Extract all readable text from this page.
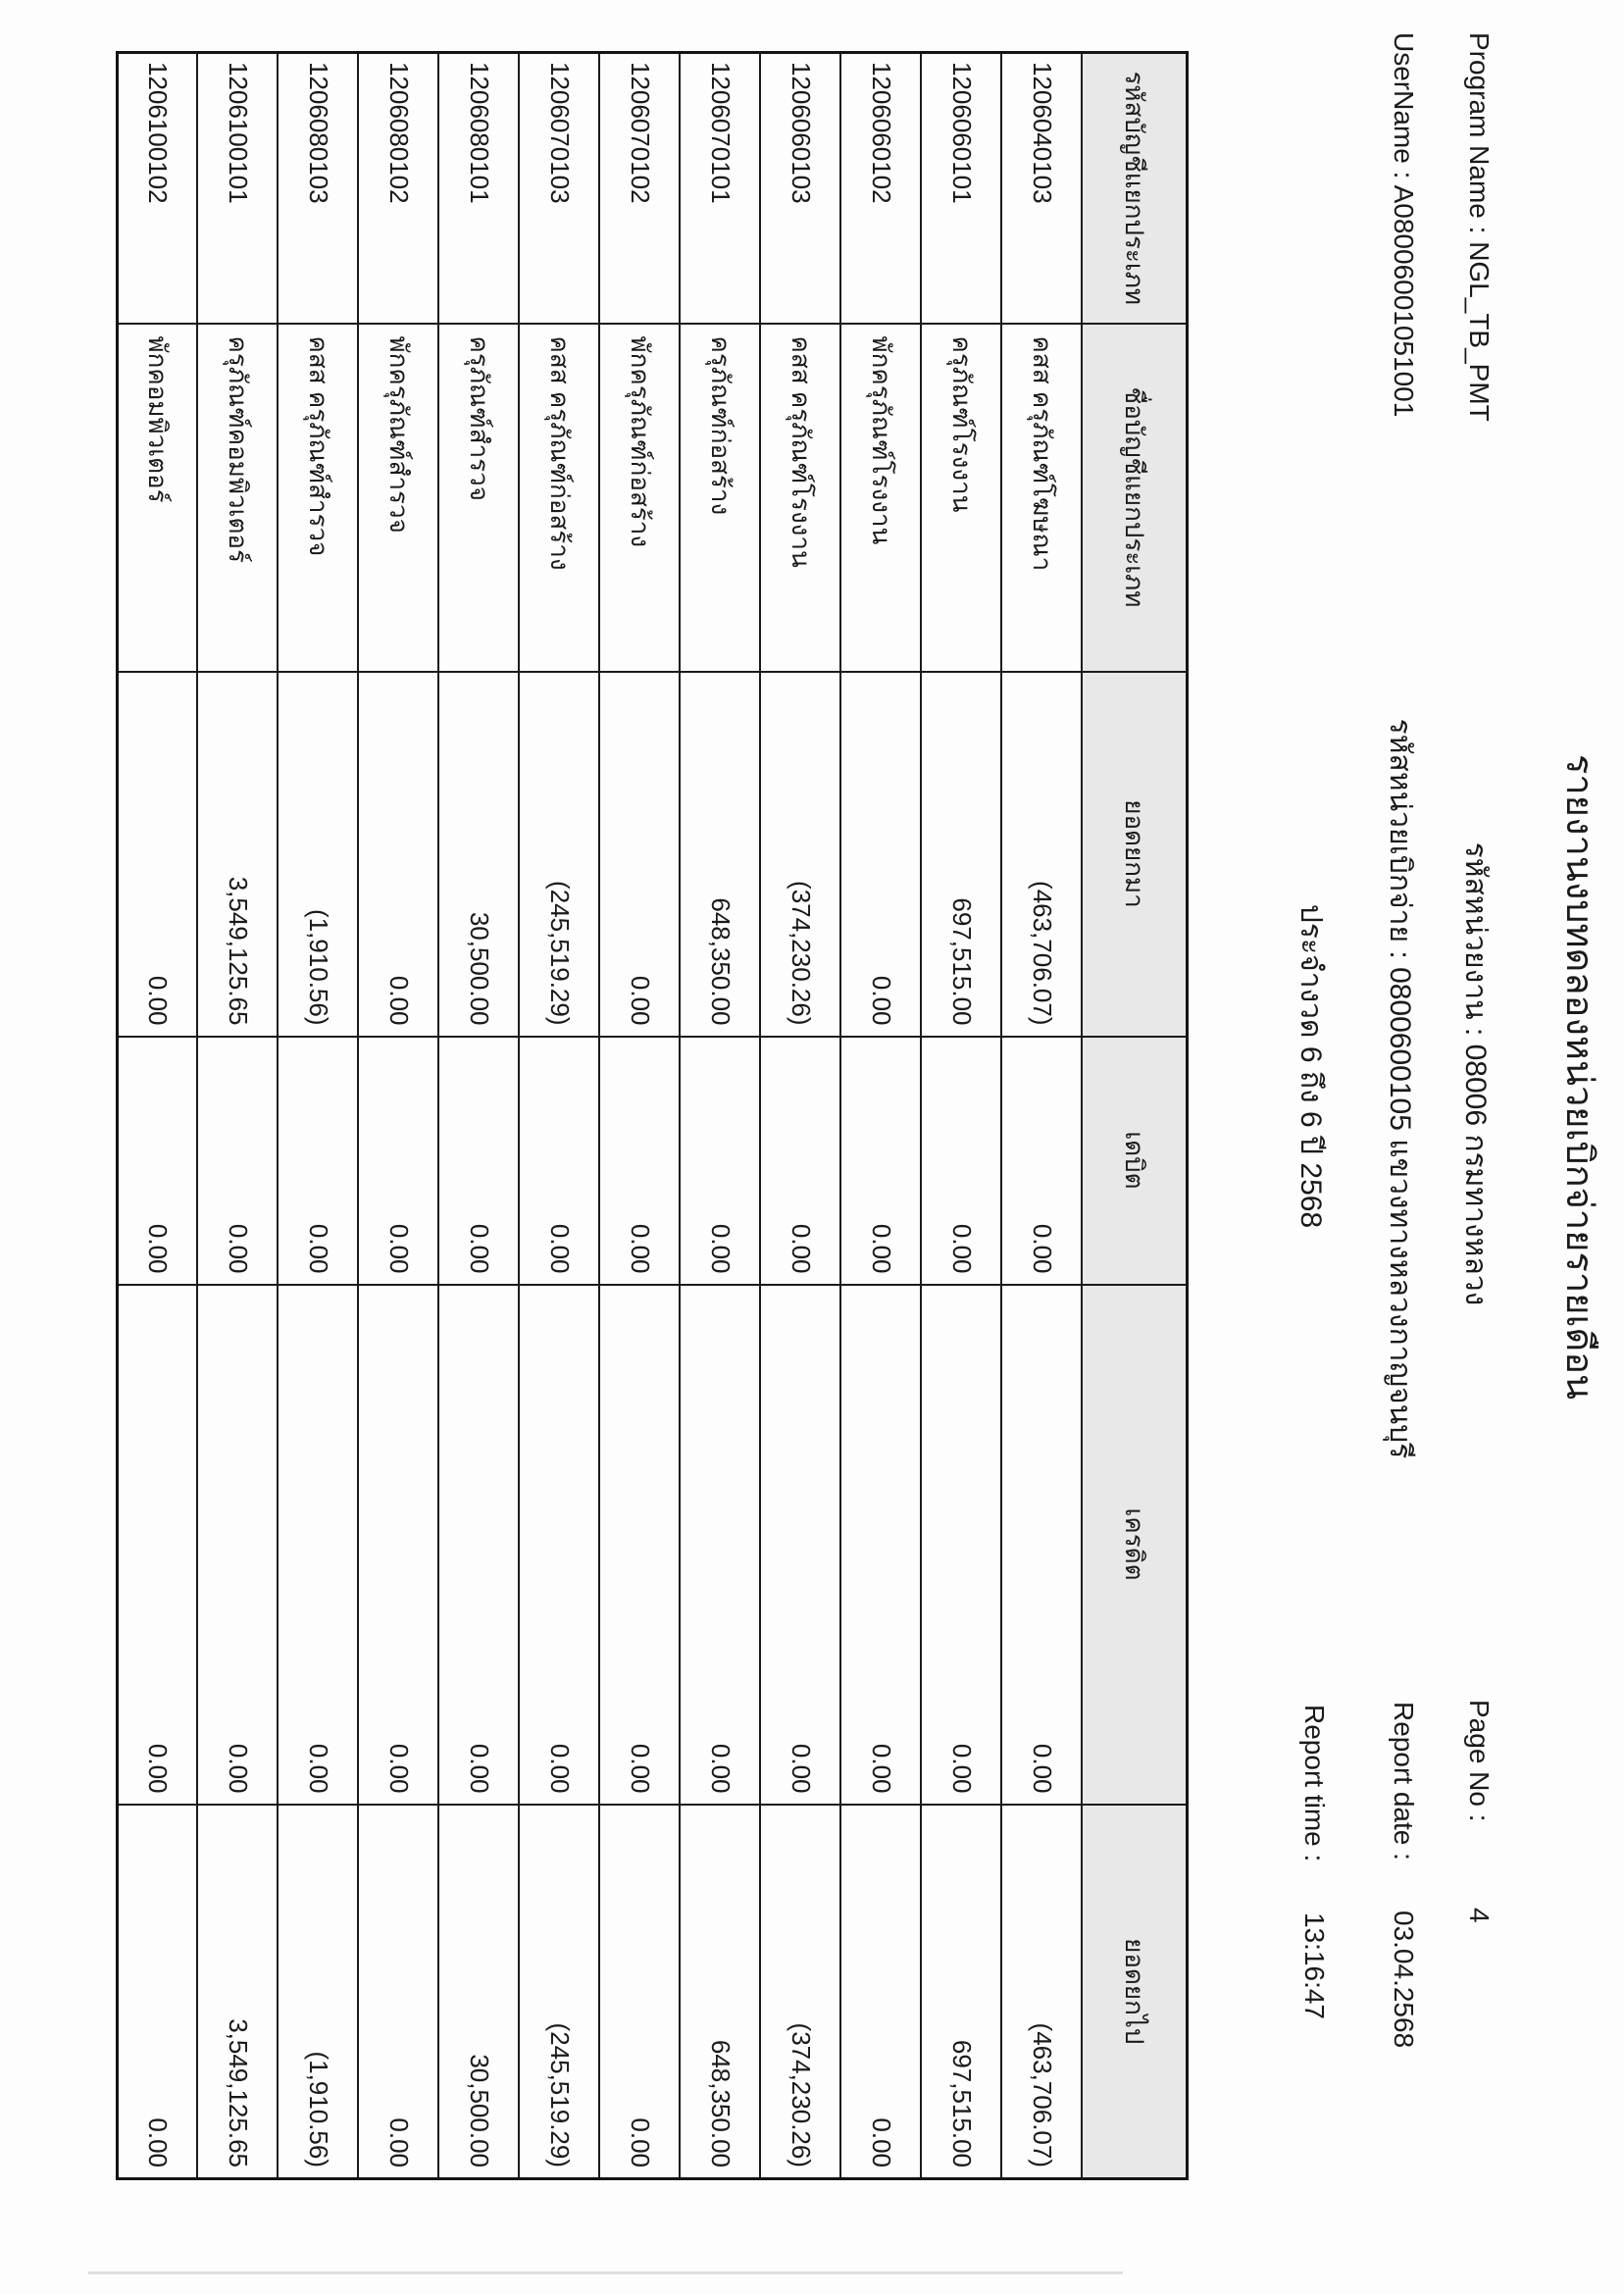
รายงานงบทดลองหน่วยเบิกจ่ายรายเดือน
Program Name : NGL_TB_PMT
รหัสหน่วยงาน : 08006 กรมทางหลวง
Page No :
4
UserName : A08006001051001
รหัสหน่วยเบิกจ่าย : 0800600105 แขวงทางหลวงกาญจนบุรี
Report date :
03.04.2568
ประจำงวด 6 ถึง 6 ปี 2568
Report time :
13:16:47
รหัสบัญชีแยกประเภท	ชื่อบัญชีแยกประเภท	ยอดยกมา	เดบิต	เครดิต	ยอดยกไป
1206040103	คสส ครุภัณฑ์โฆษณา	(463,706.07)	0.00	0.00	(463,706.07)
1206060101	ครุภัณฑ์โรงงาน	697,515.00	0.00	0.00	697,515.00
1206060102	พักครุภัณฑ์โรงงาน	0.00	0.00	0.00	0.00
1206060103	คสส ครุภัณฑ์โรงงาน	(374,230.26)	0.00	0.00	(374,230.26)
1206070101	ครุภัณฑ์ก่อสร้าง	648,350.00	0.00	0.00	648,350.00
1206070102	พักครุภัณฑ์ก่อสร้าง	0.00	0.00	0.00	0.00
1206070103	คสส ครุภัณฑ์ก่อสร้าง	(245,519.29)	0.00	0.00	(245,519.29)
1206080101	ครุภัณฑ์สำรวจ	30,500.00	0.00	0.00	30,500.00
1206080102	พักครุภัณฑ์สำรวจ	0.00	0.00	0.00	0.00
1206080103	คสส ครุภัณฑ์สำรวจ	(1,910.56)	0.00	0.00	(1,910.56)
1206100101	ครุภัณฑ์คอมพิวเตอร์	3,549,125.65	0.00	0.00	3,549,125.65
1206100102	พักคอมพิวเตอร์	0.00	0.00	0.00	0.00
